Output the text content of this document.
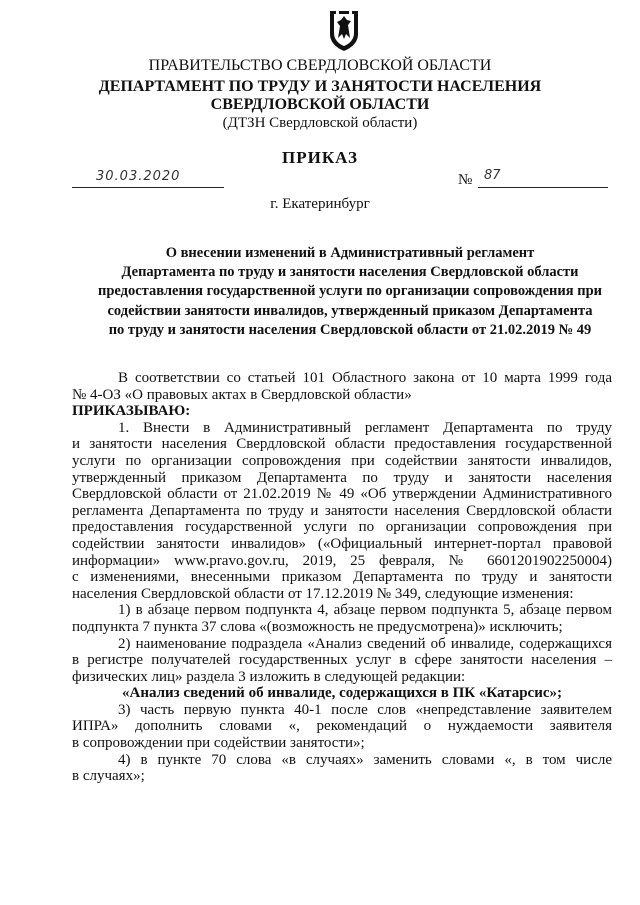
ПРАВИТЕЛЬСТВО СВЕРДЛОВСКОЙ ОБЛАСТИ
ДЕПАРТАМЕНТ ПО ТРУДУ И ЗАНЯТОСТИ НАСЕЛЕНИЯ
СВЕРДЛОВСКОЙ ОБЛАСТИ
(ДТЗН Свердловской области)
ПРИКАЗ
30.03.2020	№ 87
г. Екатеринбург
О внесении изменений в Административный регламент
Департамента по труду и занятости населения Свердловской области
предоставления государственной услуги по организации сопровождения при
содействии занятости инвалидов, утвержденный приказом Департамента
по труду и занятости населения Свердловской области от 21.02.2019 № 49
В соответствии со статьей 101 Областного закона от 10 марта 1999 года
№ 4-ОЗ «О правовых актах в Свердловской области»
ПРИКАЗЫВАЮ:
1. Внести в Административный регламент Департамента по труду
и занятости населения Свердловской области предоставления государственной
услуги по организации сопровождения при содействии занятости инвалидов,
утвержденный приказом Департамента по труду и занятости населения
Свердловской области от 21.02.2019 № 49 «Об утверждении Административного
регламента Департамента по труду и занятости населения Свердловской области
предоставления государственной услуги по организации сопровождения при
содействии занятости инвалидов» («Официальный интернет-портал правовой
информации» www.pravo.gov.ru, 2019, 25 февраля, № 6601201902250004)
с изменениями, внесенными приказом Департамента по труду и занятости
населения Свердловской области от 17.12.2019 № 349, следующие изменения:
1) в абзаце первом подпункта 4, абзаце первом подпункта 5, абзаце первом
подпункта 7 пункта 37 слова «(возможность не предусмотрена)» исключить;
2) наименование подраздела «Анализ сведений об инвалиде, содержащихся
в регистре получателей государственных услуг в сфере занятости населения –
физических лиц» раздела 3 изложить в следующей редакции:
«Анализ сведений об инвалиде, содержащихся в ПК «Катарсис»;
3) часть первую пункта 40-1 после слов «непредставление заявителем
ИПРА» дополнить словами «, рекомендаций о нуждаемости заявителя
в сопровождении при содействии занятости»;
4) в пункте 70 слова «в случаях» заменить словами «, в том числе
в случаях»;
